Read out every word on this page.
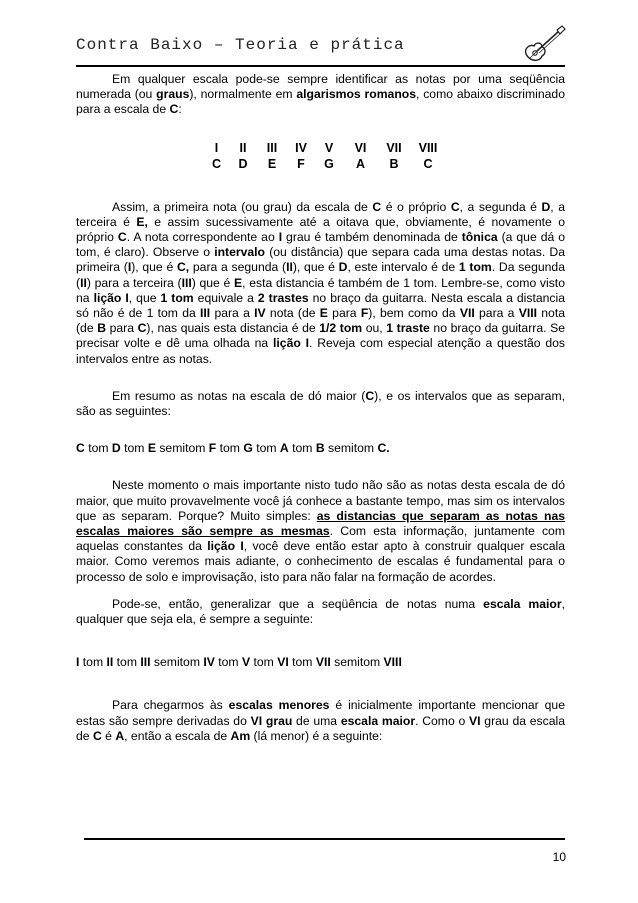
Contra Baixo – Teoria e prática

Em qualquer escala pode-se sempre identificar as notas por uma seqüência numerada (ou graus), normalmente em algarismos romanos, como abaixo discriminado para a escala de C:

I	II	III	IV	V	VI	VII	VIII
C	D	E	F	G	A	B	C

Assim, a primeira nota (ou grau) da escala de C é o próprio C, a segunda é D, a terceira é E, e assim sucessivamente até a oitava que, obviamente, é novamente o próprio C. A nota correspondente ao I grau é também denominada de tônica (a que dá o tom, é claro). Observe o intervalo (ou distância) que separa cada uma destas notas. Da primeira (I), que é C, para a segunda (II), que é D, este intervalo é de 1 tom. Da segunda (II) para a terceira (III) que é E, esta distancia é também de 1 tom. Lembre-se, como visto na lição I, que 1 tom equivale a 2 trastes no braço da guitarra. Nesta escala a distancia só não é de 1 tom da III para a IV nota (de E para F), bem como da VII para a VIII nota (de B para C), nas quais esta distancia é de 1/2 tom ou, 1 traste no braço da guitarra. Se precisar volte e dê uma olhada na lição I. Reveja com especial atenção a questão dos intervalos entre as notas.

Em resumo as notas na escala de dó maior (C), e os intervalos que as separam, são as seguintes:

C tom D tom E semitom F tom G tom A tom B semitom C.

Neste momento o mais importante nisto tudo não são as notas desta escala de dó maior, que muito provavelmente você já conhece a bastante tempo, mas sim os intervalos que as separam. Porque? Muito simples: as distancias que separam as notas nas escalas maiores são sempre as mesmas. Com esta informação, juntamente com aquelas constantes da lição I, você deve então estar apto à construir qualquer escala maior. Como veremos mais adiante, o conhecimento de escalas é fundamental para o processo de solo e improvisação, isto para não falar na formação de acordes.

Pode-se, então, generalizar que a seqüência de notas numa escala maior, qualquer que seja ela, é sempre a seguinte:

I tom II tom III semitom IV tom V tom VI tom VII semitom VIII

Para chegarmos às escalas menores é inicialmente importante mencionar que estas são sempre derivadas do VI grau de uma escala maior. Como o VI grau da escala de C é A, então a escala de Am (lá menor) é a seguinte:

10
